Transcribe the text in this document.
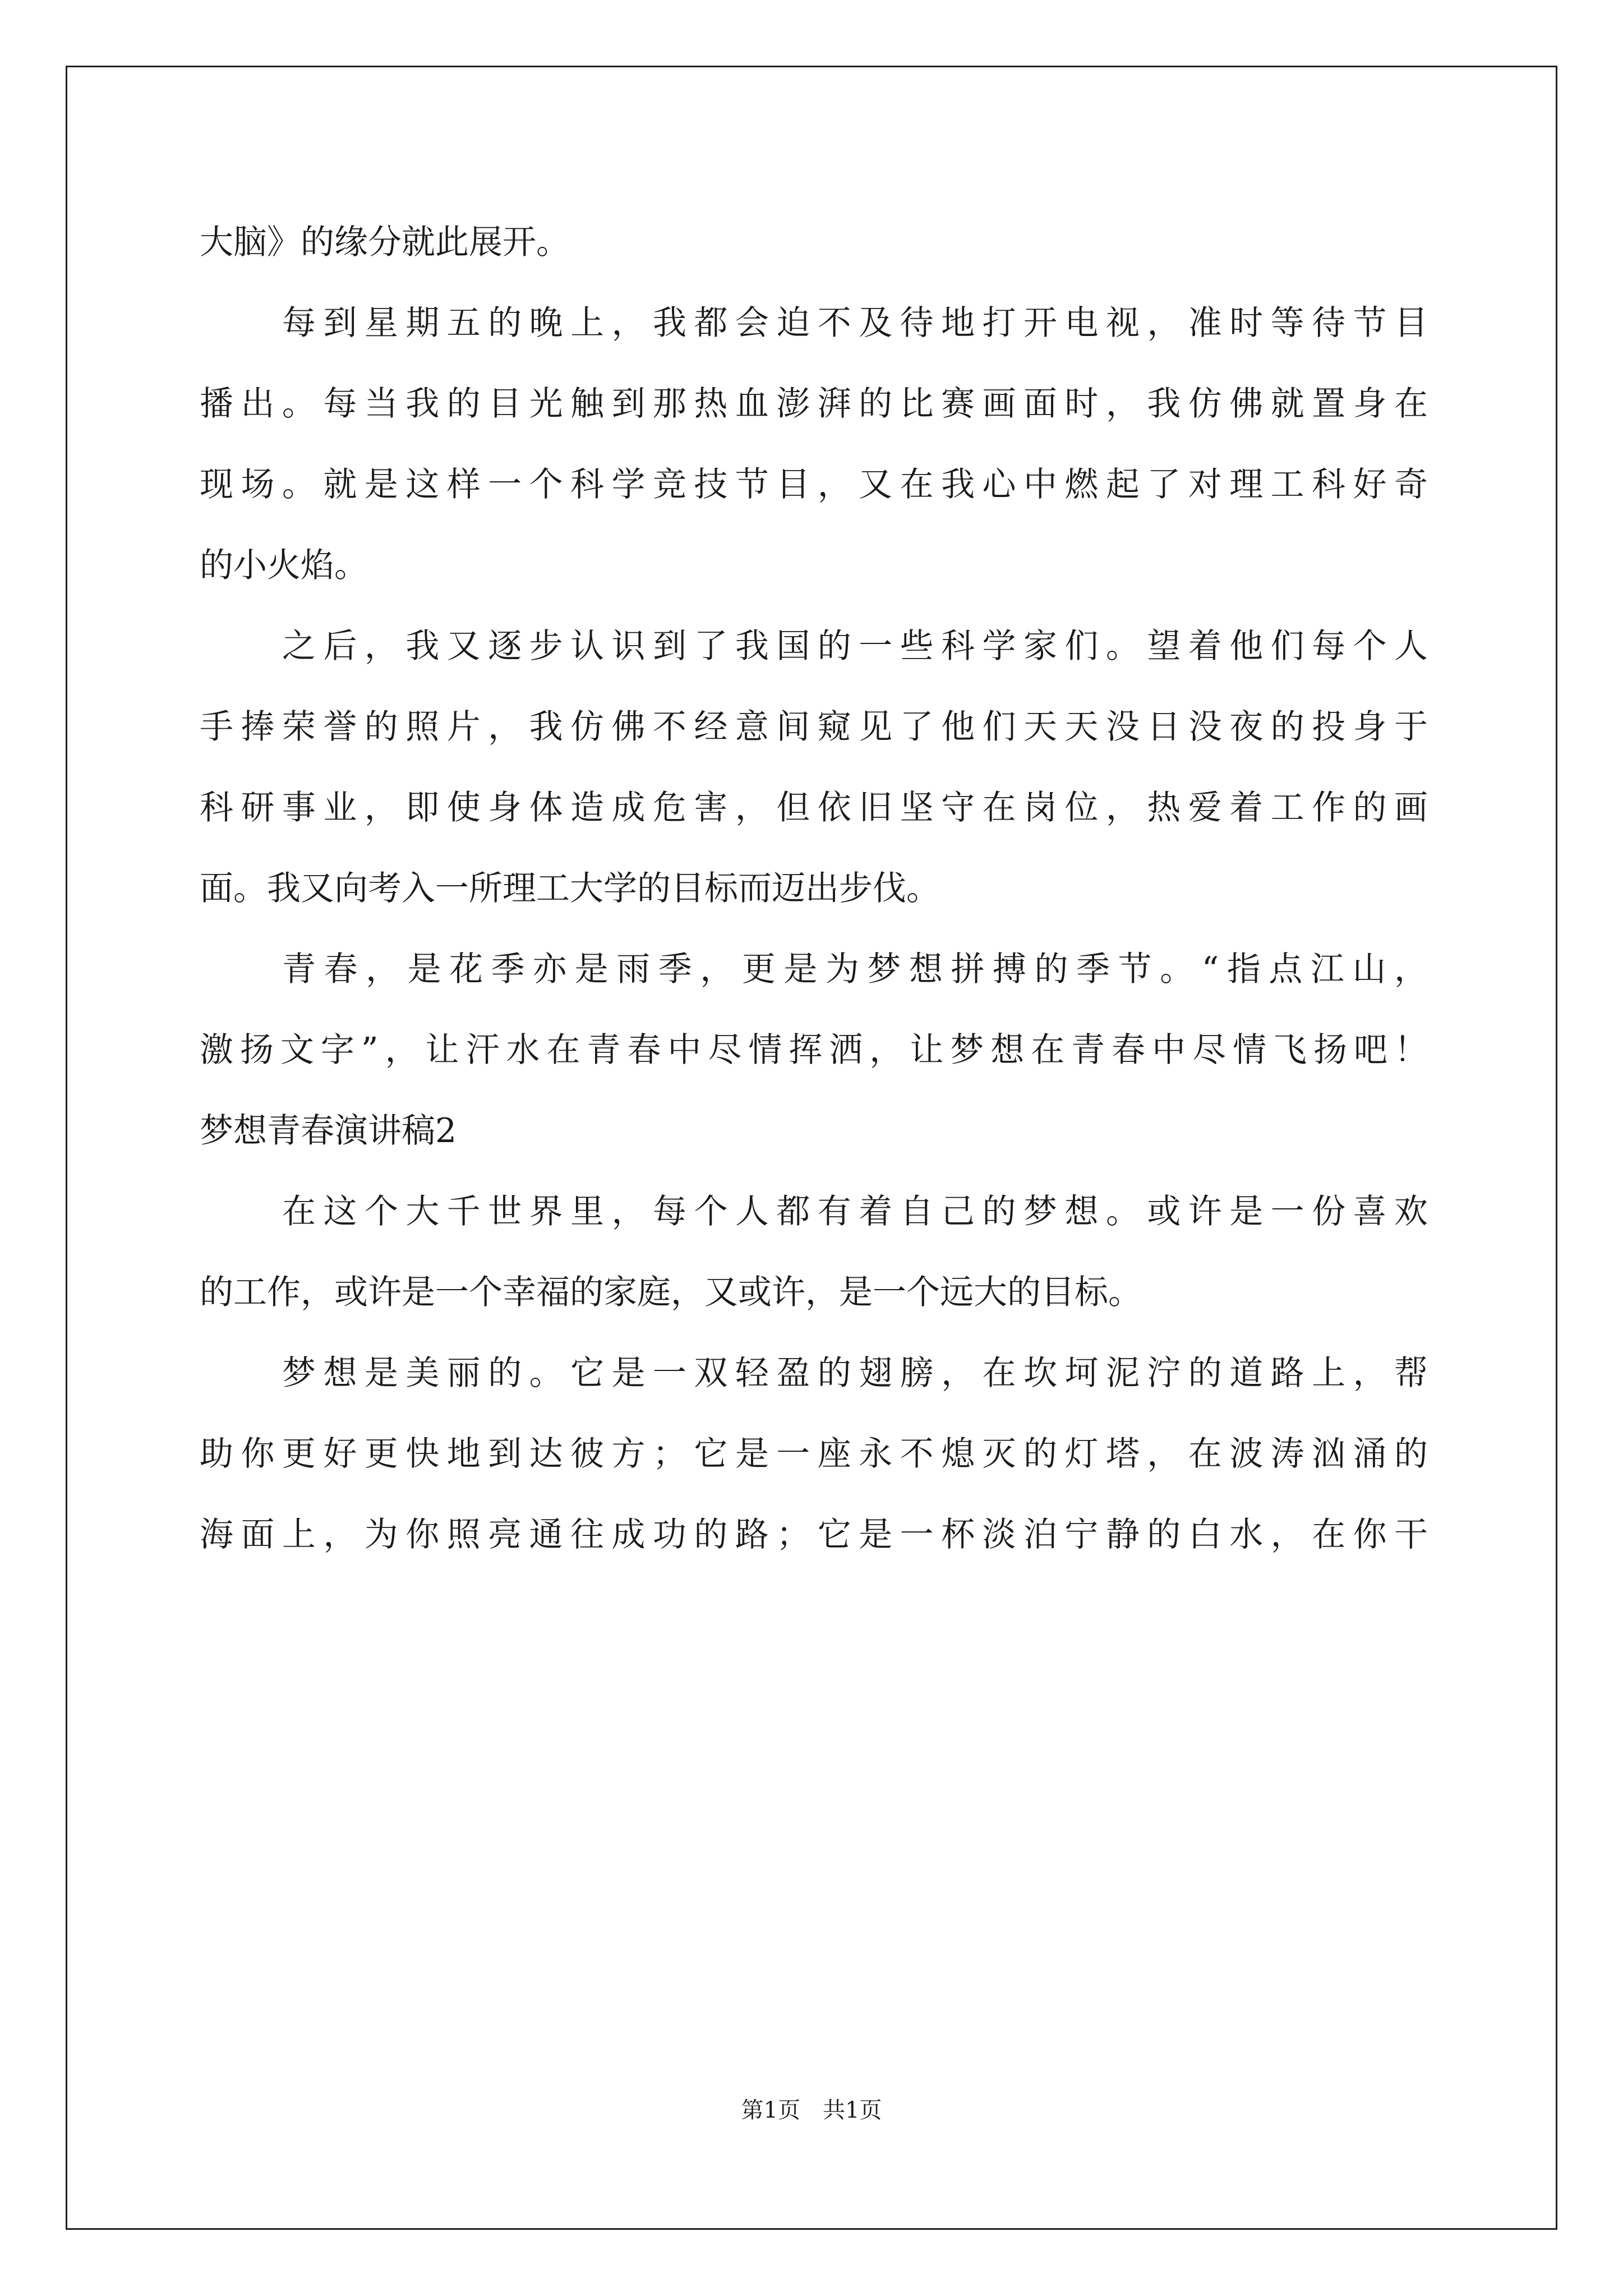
大脑》的缘分就此展开。
每到星期五的晚上，我都会迫不及待地打开电视，准时等待节目
播出。每当我的目光触到那热血澎湃的比赛画面时，我仿佛就置身在
现场。就是这样一个科学竞技节目，又在我心中燃起了对理工科好奇
的小火焰。
之后，我又逐步认识到了我国的一些科学家们。望着他们每个人
手捧荣誉的照片，我仿佛不经意间窥见了他们天天没日没夜的投身于
科研事业，即使身体造成危害，但依旧坚守在岗位，热爱着工作的画
面。我又向考入一所理工大学的目标而迈出步伐。
青春，是花季亦是雨季，更是为梦想拼搏的季节。“指点江山，
激扬文字”，让汗水在青春中尽情挥洒，让梦想在青春中尽情飞扬吧！
梦想青春演讲稿2
在这个大千世界里，每个人都有着自己的梦想。或许是一份喜欢
的工作，或许是一个幸福的家庭，又或许，是一个远大的目标。
梦想是美丽的。它是一双轻盈的翅膀，在坎坷泥泞的道路上，帮
助你更好更快地到达彼方；它是一座永不熄灭的灯塔，在波涛汹涌的
海面上，为你照亮通往成功的路；它是一杯淡泊宁静的白水，在你干
第1页　共1页
